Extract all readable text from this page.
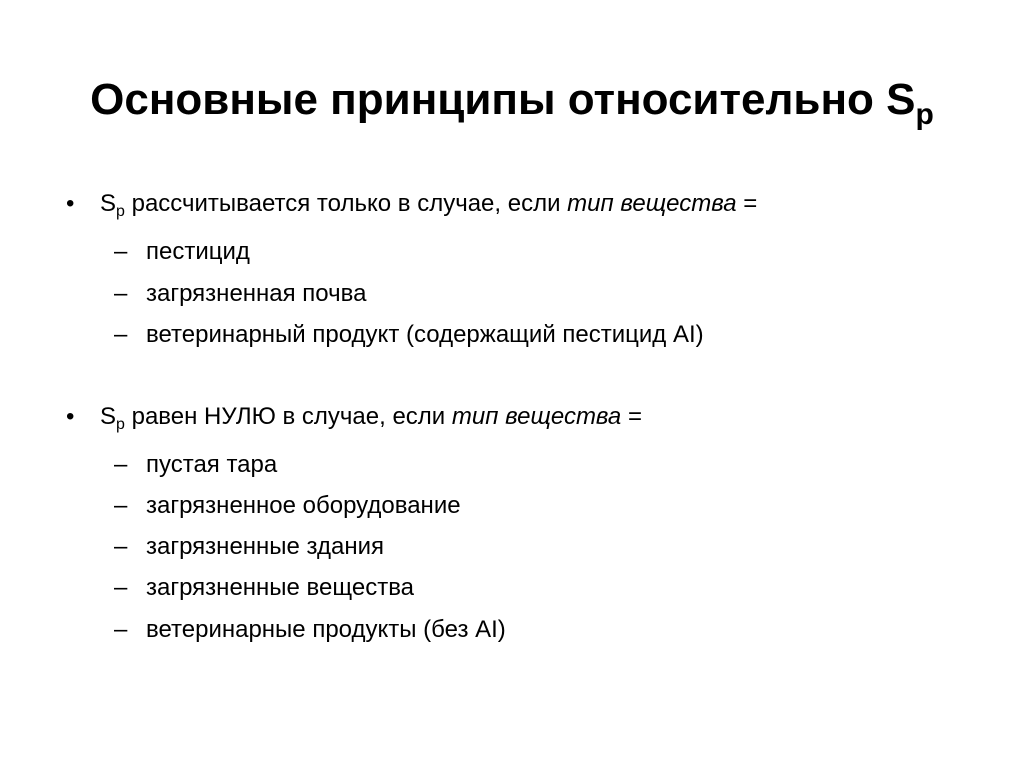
Основные принципы относительно $S_p$
• $S_p$ рассчитывается только в случае, если тип вещества =
– пестицид
– загрязненная почва
– ветеринарный продукт (содержащий пестицид AI)
• $S_p$ равен НУЛЮ в случае, если тип вещества =
– пустая тара
– загрязненное оборудование
– загрязненные здания
– загрязненные вещества
– ветеринарные продукты (без AI)
